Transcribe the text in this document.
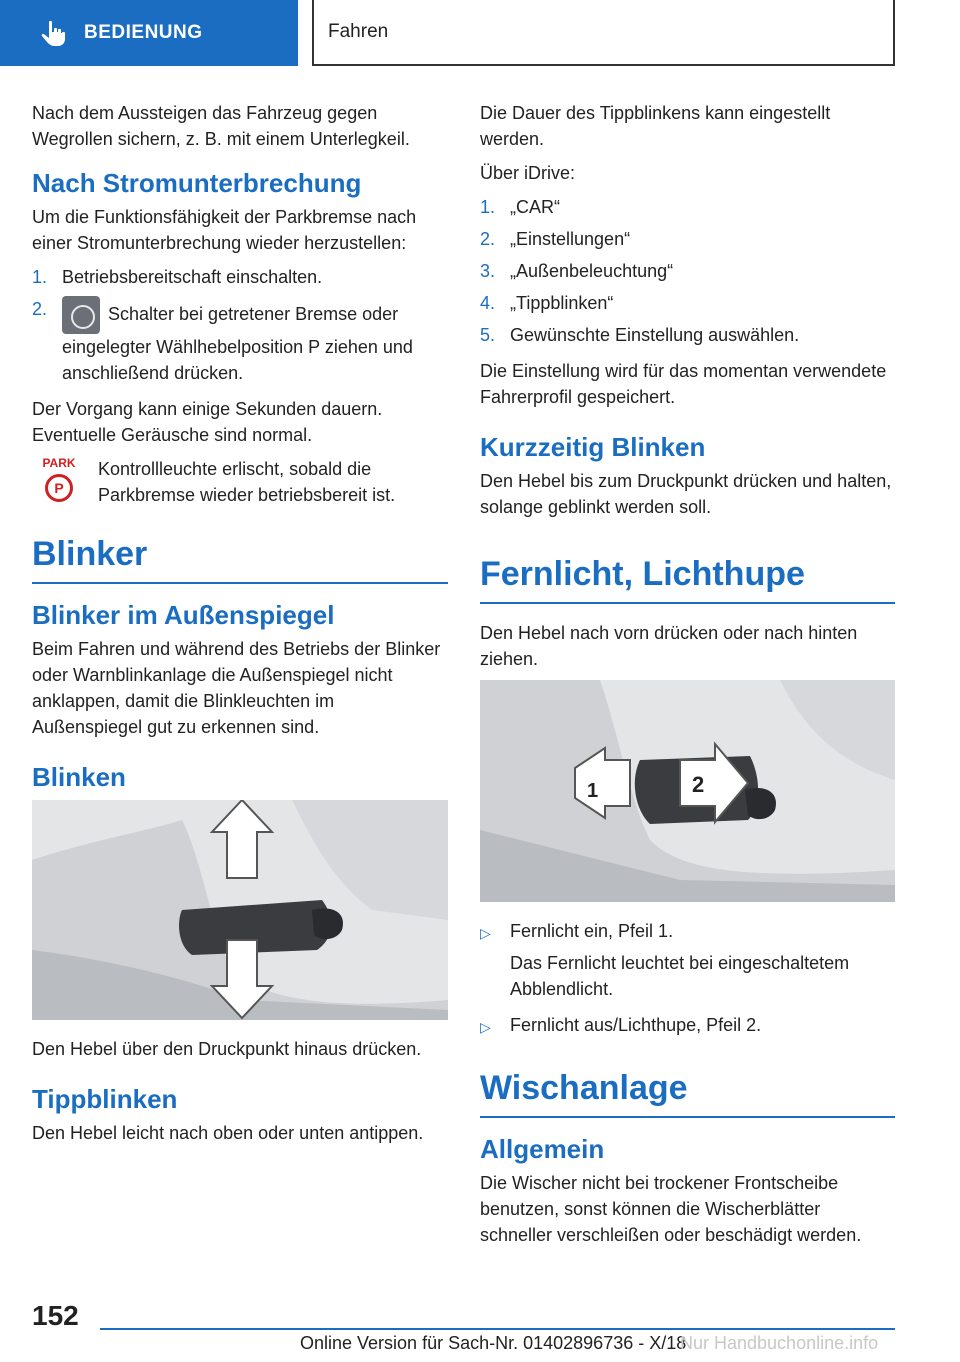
BEDIENUNG	Fahren

Nach dem Aussteigen das Fahrzeug gegen Wegrollen sichern, z. B. mit einem Unterlegkeil.

Nach Stromunterbrechung

Um die Funktionsfähigkeit der Parkbremse nach einer Stromunterbrechung wieder herzustellen:

1. Betriebsbereitschaft einschalten.
2.	Schalter bei getretener Bremse oder eingelegter Wählhebelposition P ziehen und anschließend drücken.

Der Vorgang kann einige Sekunden dauern. Eventuelle Geräusche sind normal.

PARK
P

Kontrollleuchte erlischt, sobald die Parkbremse wieder betriebsbereit ist.

Blinker
Blinker im Außenspiegel

Beim Fahren und während des Betriebs der Blinker oder Warnblinkanlage die Außenspiegel nicht anklappen, damit die Blinkleuchten im Außenspiegel gut zu erkennen sind.

Blinken

Den Hebel über den Druckpunkt hinaus drücken.

Tippblinken

Den Hebel leicht nach oben oder unten antippen.

Die Dauer des Tippblinkens kann eingestellt werden.

Über iDrive:

1. „CAR“
2. „Einstellungen“
3. „Außenbeleuchtung“
4. „Tippblinken“
5. Gewünschte Einstellung auswählen.

Die Einstellung wird für das momentan verwendete Fahrerprofil gespeichert.

Kurzzeitig Blinken

Den Hebel bis zum Druckpunkt drücken und halten, solange geblinkt werden soll.

Fernlicht, Lichthupe

Den Hebel nach vorn drücken oder nach hinten ziehen.

1	2
▷ Fernlicht ein, Pfeil 1.
Das Fernlicht leuchtet bei eingeschaltetem Abblendlicht.
▷ Fernlicht aus/Lichthupe, Pfeil 2.
Wischanlage
Allgemein

Die Wischer nicht bei trockener Frontscheibe benutzen, sonst können die Wischerblätter schneller verschleißen oder beschädigt werden.

152
Online Version für Sach-Nr. 01402896736 - X/18
Nur Handbuchonline.info
